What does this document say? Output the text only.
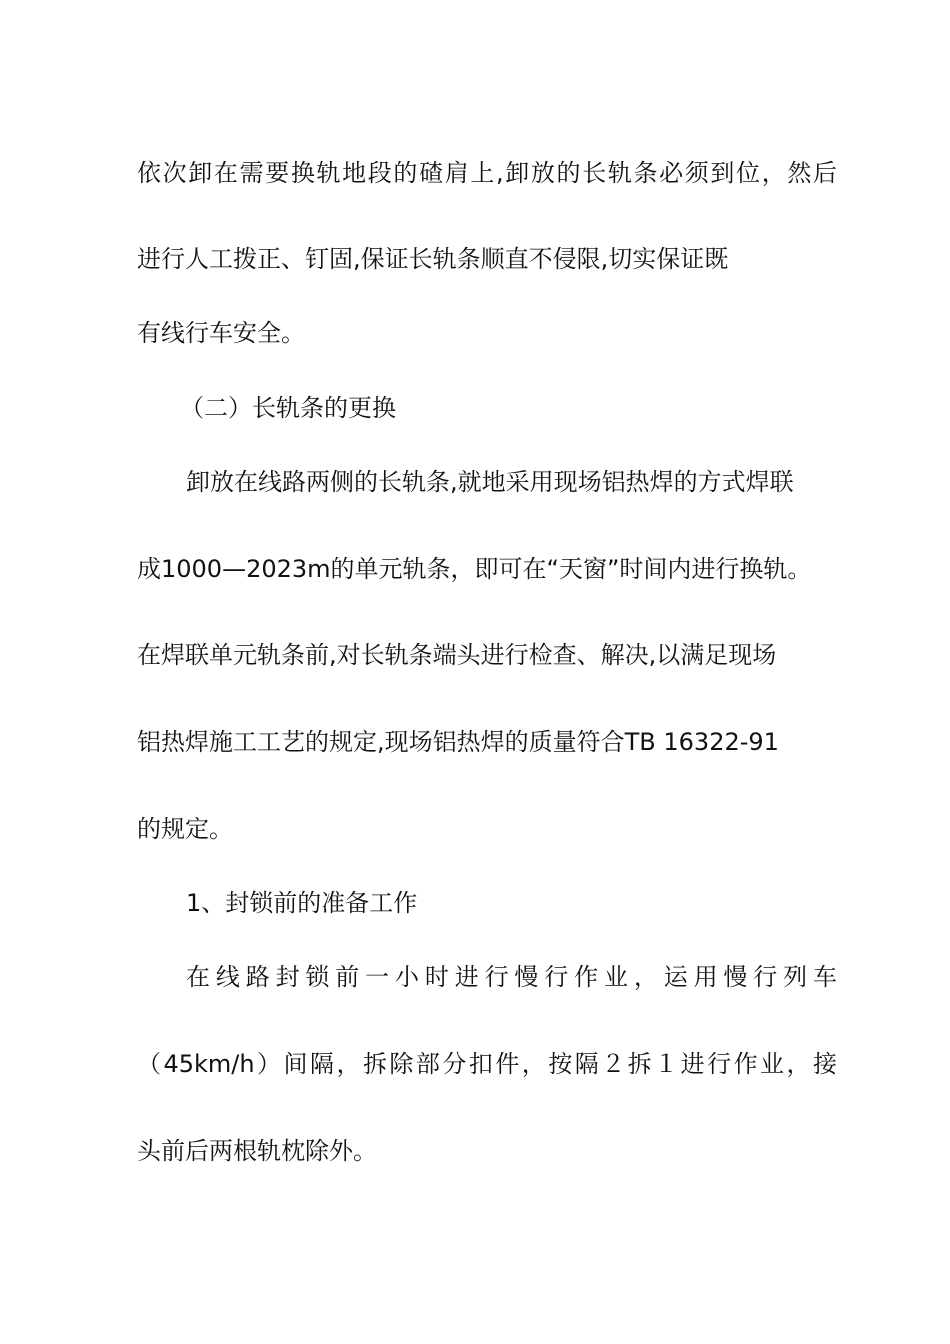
依次卸在需要换轨地段的碴肩上,卸放的长轨条必须到位，然后

进行人工拨正、钉固,保证长轨条顺直不侵限,切实保证既

有线行车安全。

（二）长轨条的更换

卸放在线路两侧的长轨条,就地采用现场铝热焊的方式焊联

成1000—2023m的单元轨条，即可在“天窗”时间内进行换轨。

在焊联单元轨条前,对长轨条端头进行检查、解决,以满足现场

铝热焊施工工艺的规定,现场铝热焊的质量符合TB 16322-91

的规定。

1、封锁前的准备工作

在线路封锁前一小时进行慢行作业，运用慢行列车

（45km/h）间隔，拆除部分扣件，按隔２拆１进行作业，接

头前后两根轨枕除外。
